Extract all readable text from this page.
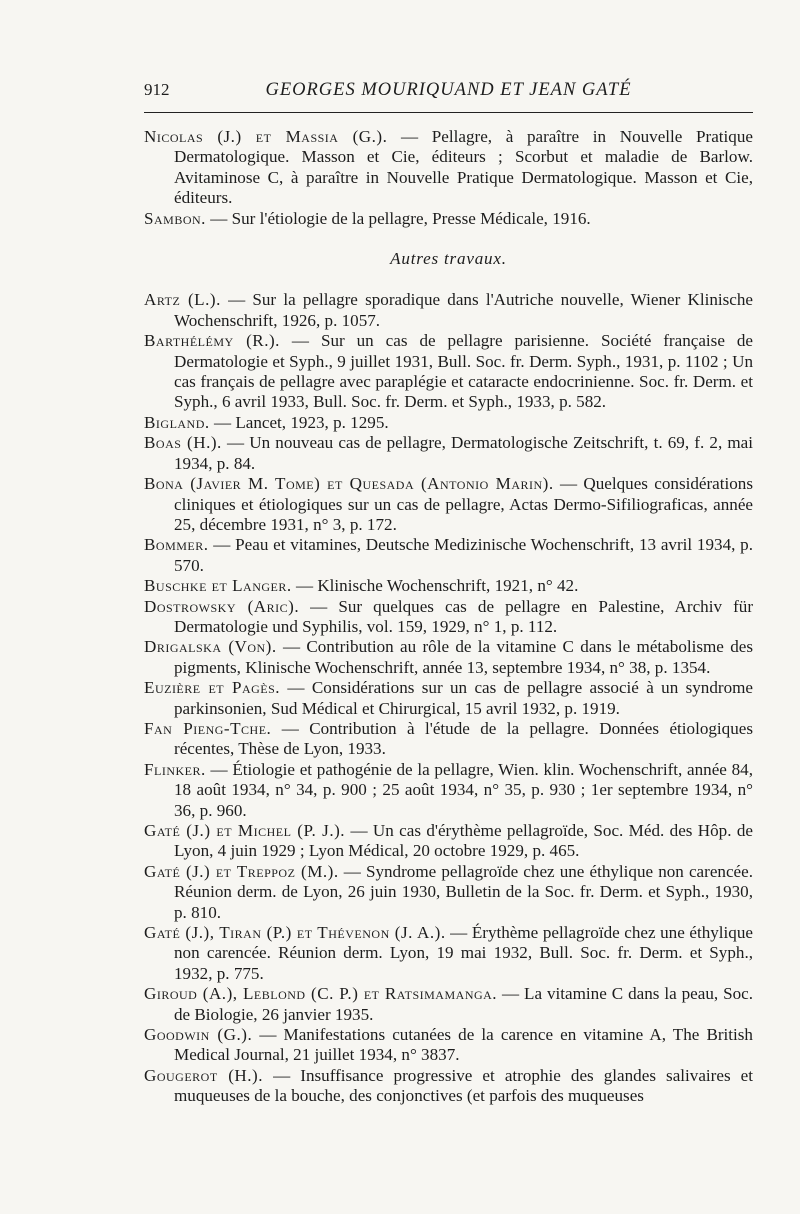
912	GEORGES MOURIQUAND ET JEAN GATÉ

Nicolas (J.) et Massia (G.). — Pellagre, à paraître in Nouvelle Pratique Dermatologique. Masson et Cie, éditeurs ; Scorbut et maladie de Barlow. Avitaminose C, à paraître in Nouvelle Pratique Dermatologique. Masson et Cie, éditeurs.

Sambon. — Sur l'étiologie de la pellagre, Presse Médicale, 1916.

Autres travaux.

Artz (L.). — Sur la pellagre sporadique dans l'Autriche nouvelle, Wiener Klinische Wochenschrift, 1926, p. 1057.

Barthélémy (R.). — Sur un cas de pellagre parisienne. Société française de Dermatologie et Syph., 9 juillet 1931, Bull. Soc. fr. Derm. Syph., 1931, p. 1102 ; Un cas français de pellagre avec paraplégie et cataracte endocrinienne. Soc. fr. Derm. et Syph., 6 avril 1933, Bull. Soc. fr. Derm. et Syph., 1933, p. 582.

Bigland. — Lancet, 1923, p. 1295.

Boas (H.). — Un nouveau cas de pellagre, Dermatologische Zeitschrift, t. 69, f. 2, mai 1934, p. 84.

Bona (Javier M. Tome) et Quesada (Antonio Marin). — Quelques considérations cliniques et étiologiques sur un cas de pellagre, Actas Dermo-Sifiliograficas, année 25, décembre 1931, n° 3, p. 172.

Bommer. — Peau et vitamines, Deutsche Medizinische Wochenschrift, 13 avril 1934, p. 570.

Buschke et Langer. — Klinische Wochenschrift, 1921, n° 42.

Dostrowsky (Aric). — Sur quelques cas de pellagre en Palestine, Archiv für Dermatologie und Syphilis, vol. 159, 1929, n° 1, p. 112.

Drigalska (Von). — Contribution au rôle de la vitamine C dans le métabolisme des pigments, Klinische Wochenschrift, année 13, septembre 1934, n° 38, p. 1354.

Euzière et Pagès. — Considérations sur un cas de pellagre associé à un syndrome parkinsonien, Sud Médical et Chirurgical, 15 avril 1932, p. 1919.

Fan Pieng-Tche. — Contribution à l'étude de la pellagre. Données étiologiques récentes, Thèse de Lyon, 1933.

Flinker. — Étiologie et pathogénie de la pellagre, Wien. klin. Wochenschrift, année 84, 18 août 1934, n° 34, p. 900 ; 25 août 1934, n° 35, p. 930 ; 1er septembre 1934, n° 36, p. 960.

Gaté (J.) et Michel (P. J.). — Un cas d'érythème pellagroïde, Soc. Méd. des Hôp. de Lyon, 4 juin 1929 ; Lyon Médical, 20 octobre 1929, p. 465.

Gaté (J.) et Treppoz (M.). — Syndrome pellagroïde chez une éthylique non carencée. Réunion derm. de Lyon, 26 juin 1930, Bulletin de la Soc. fr. Derm. et Syph., 1930, p. 810.

Gaté (J.), Tiran (P.) et Thévenon (J. A.). — Érythème pellagroïde chez une éthylique non carencée. Réunion derm. Lyon, 19 mai 1932, Bull. Soc. fr. Derm. et Syph., 1932, p. 775.

Giroud (A.), Leblond (C. P.) et Ratsimamanga. — La vitamine C dans la peau, Soc. de Biologie, 26 janvier 1935.

Goodwin (G.). — Manifestations cutanées de la carence en vitamine A, The British Medical Journal, 21 juillet 1934, n° 3837.

Gougerot (H.). — Insuffisance progressive et atrophie des glandes salivaires et muqueuses de la bouche, des conjonctives (et parfois des muqueuses
